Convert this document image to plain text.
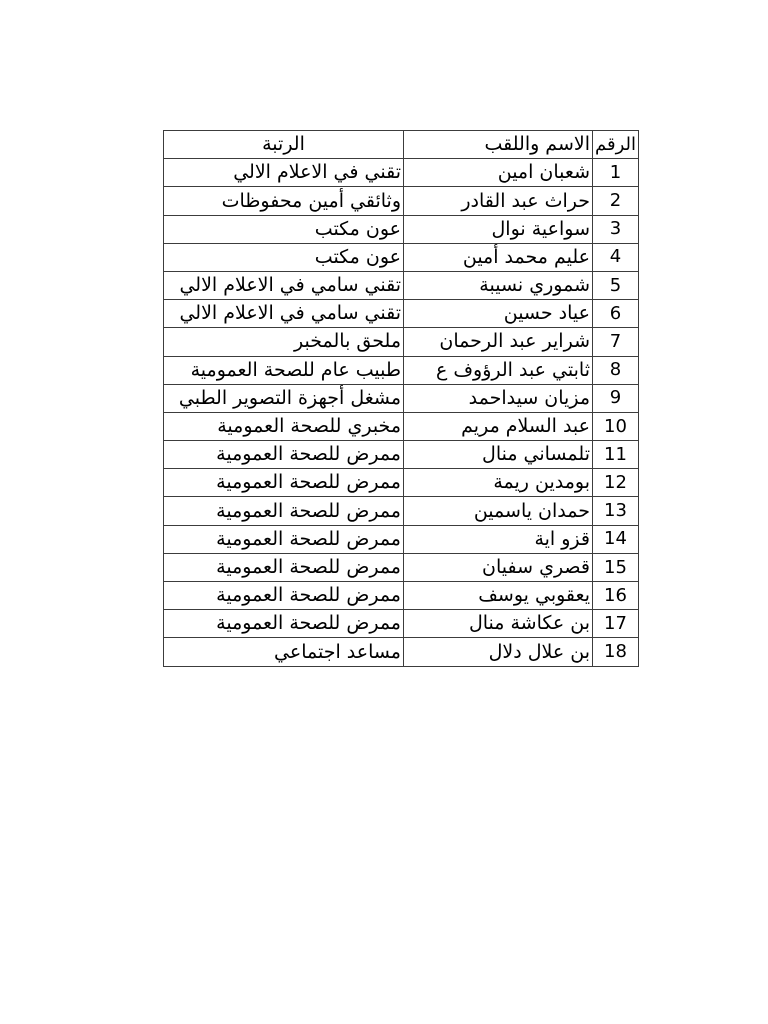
الرقم	الاسم واللقب	الرتبة

1	شعبان امين	تقني في الاعلام الالي

2	حراث عبد القادر	وثائقي أمين محفوظات

3	سواعية نوال	عون مكتب

4	عليم محمد أمين	عون مكتب

5	شموري نسيبة	تقني سامي في الاعلام الالي

6	عياد حسين	تقني سامي في الاعلام الالي

7	شراير عبد الرحمان	ملحق بالمخبر

8	ثابتي عبد الرؤوف ع	طبيب عام للصحة العمومية

9	مزيان سيداحمد	مشغل أجهزة التصوير الطبي

10	عبد السلام مريم	مخبري للصحة العمومية

11	تلمساني منال	ممرض للصحة العمومية

12	بومدين ريمة	ممرض للصحة العمومية

13	حمدان ياسمين	ممرض للصحة العمومية

14	قزو اية	ممرض للصحة العمومية

15	قصري سفيان	ممرض للصحة العمومية

16	يعقوبي يوسف	ممرض للصحة العمومية

17	بن عكاشة منال	ممرض للصحة العمومية

18	بن علال دلال	مساعد اجتماعي
